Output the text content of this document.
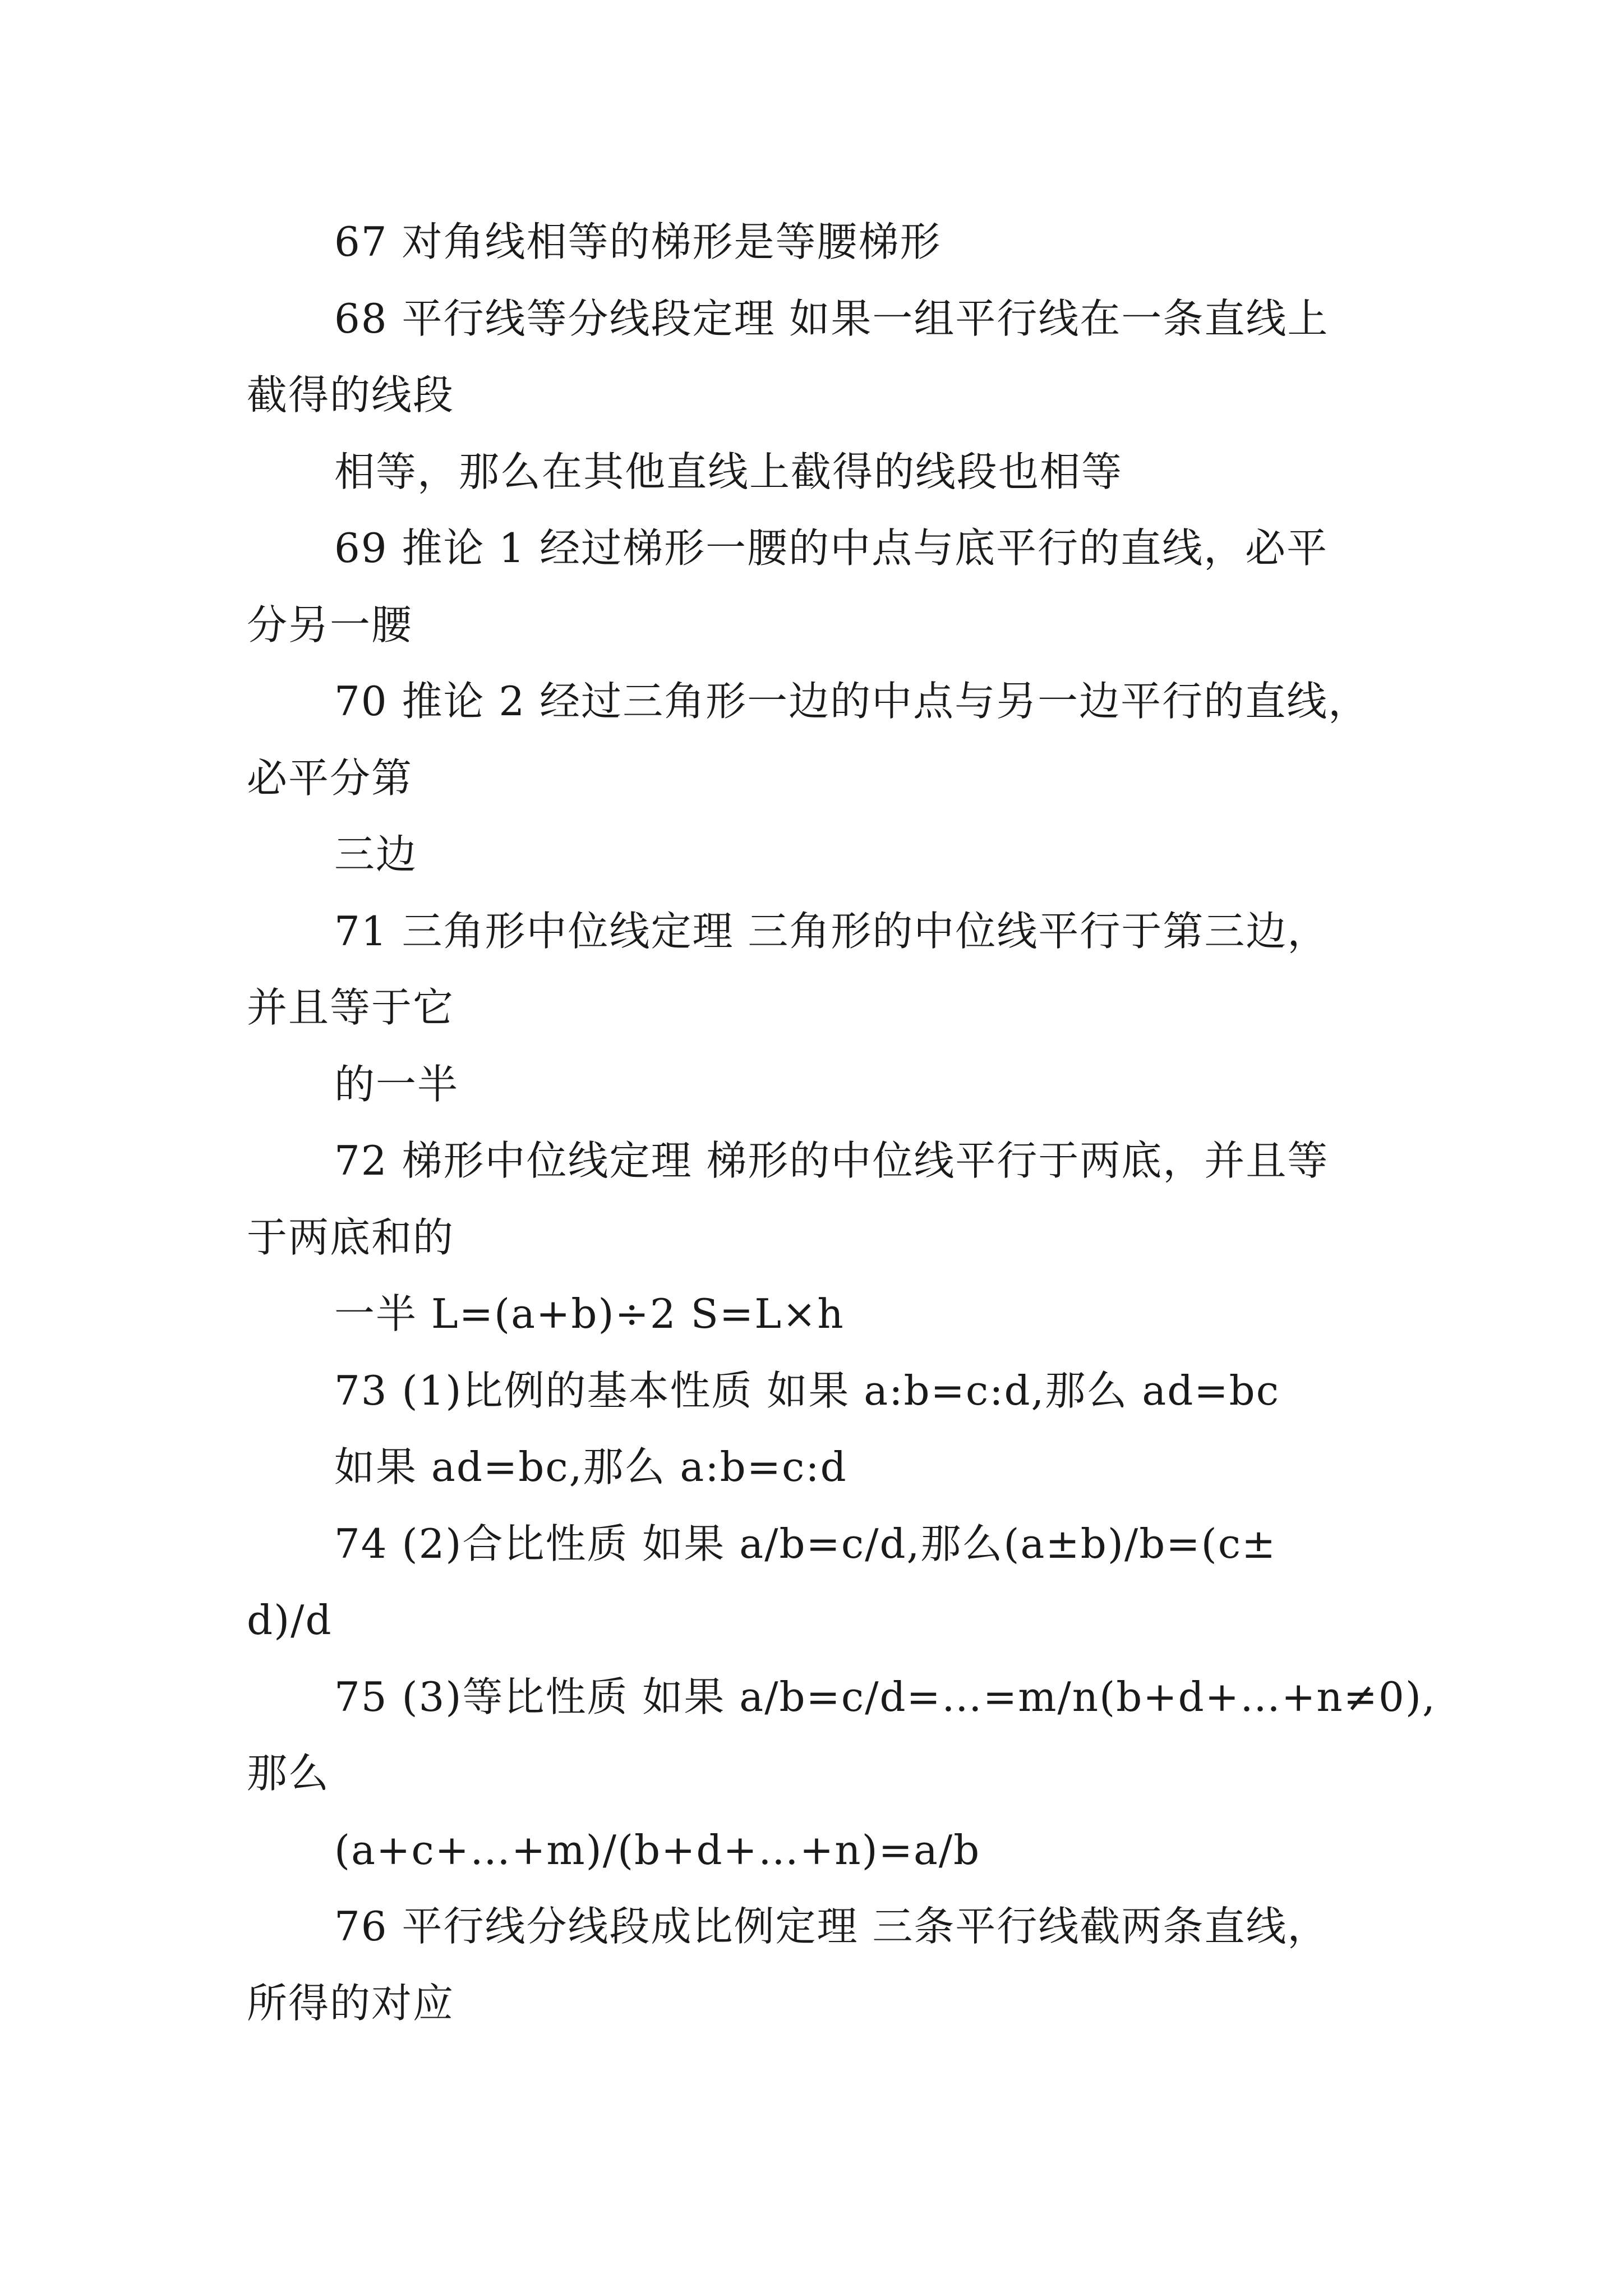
67 对角线相等的梯形是等腰梯形
68 平行线等分线段定理 如果一组平行线在一条直线上
截得的线段
相等，那么在其他直线上截得的线段也相等
69 推论 1 经过梯形一腰的中点与底平行的直线，必平
分另一腰
70 推论 2 经过三角形一边的中点与另一边平行的直线，
必平分第
三边
71 三角形中位线定理 三角形的中位线平行于第三边，
并且等于它
的一半
72 梯形中位线定理 梯形的中位线平行于两底，并且等
于两底和的
一半 L=(a+b)÷2 S=L×h
73 (1)比例的基本性质 如果 a:b=c:d,那么 ad=bc
如果 ad=bc,那么 a:b=c:d
74 (2)合比性质 如果 a/b=c/d,那么(a±b)/b=(c±
d)/d
75 (3)等比性质 如果 a/b=c/d=…=m/n(b+d+…+n≠0),
那么
(a+c+…+m)/(b+d+…+n)=a/b
76 平行线分线段成比例定理 三条平行线截两条直线，
所得的对应
